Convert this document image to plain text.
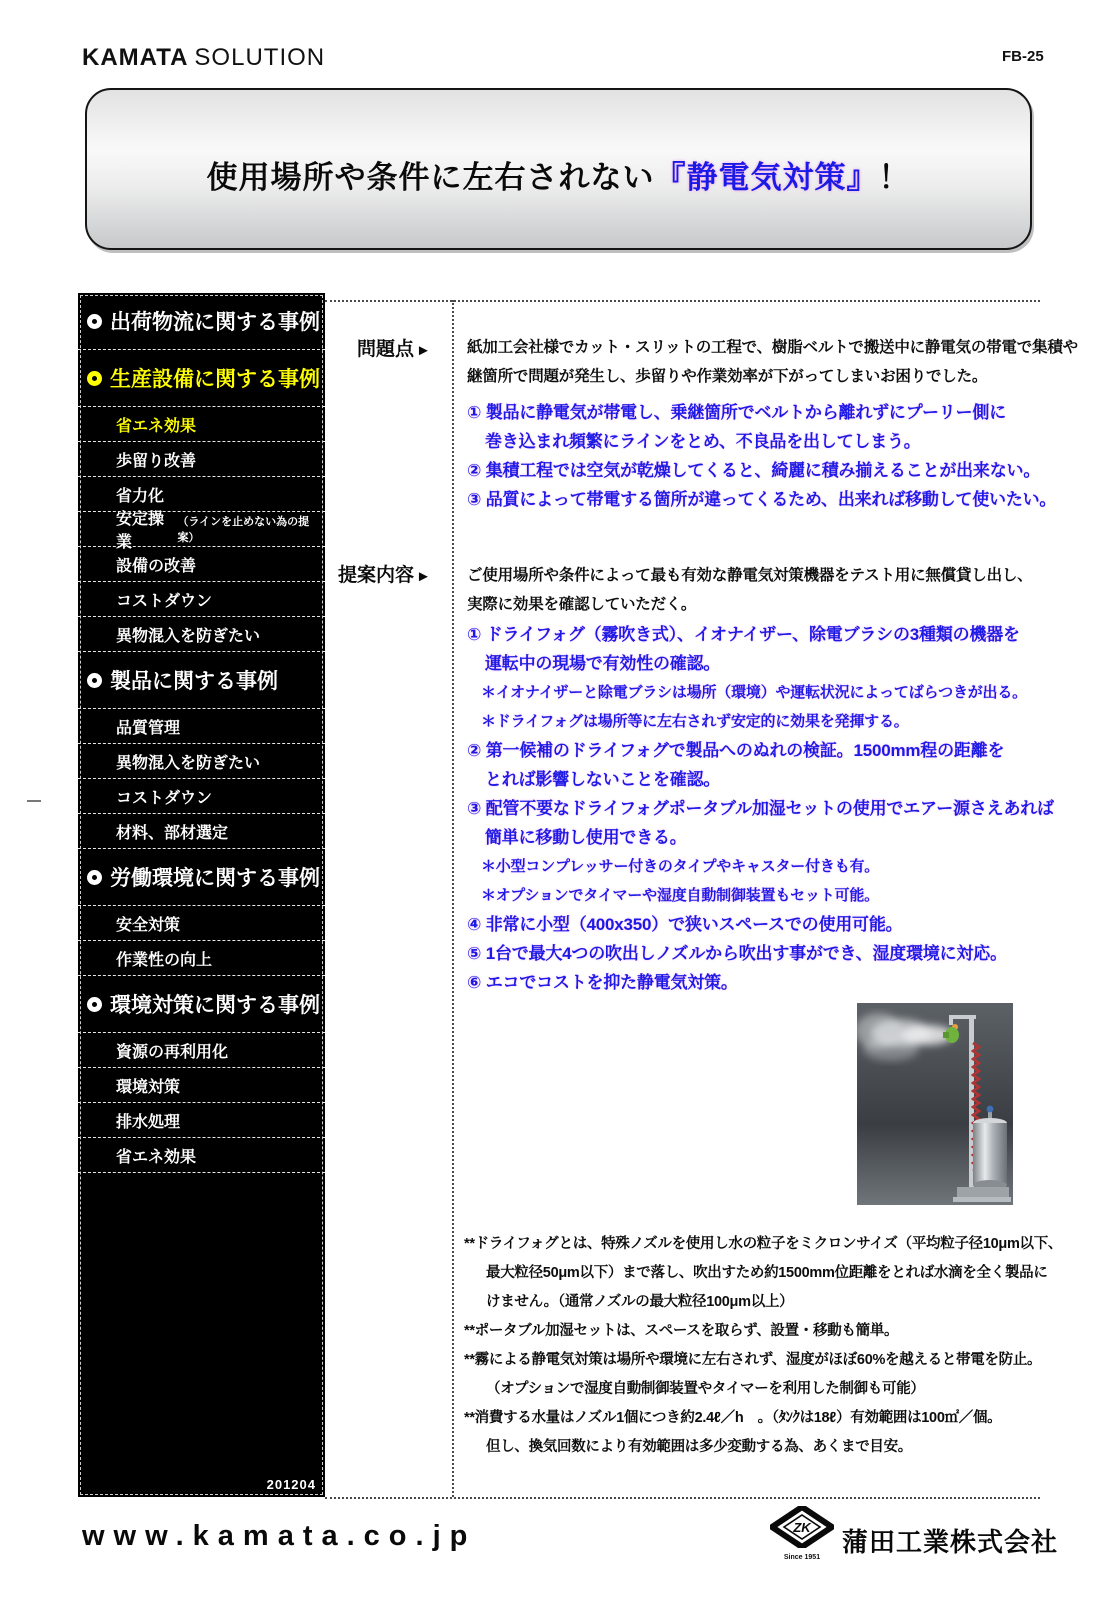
KAMATA SOLUTION	FB-25
使用場所や条件に左右されない『静電気対策』！
出荷物流に関する事例
生産設備に関する事例
省エネ効果
歩留り改善
省力化
安定操業
（ラインを止めない為の提案）
設備の改善
コストダウン
異物混入を防ぎたい
製品に関する事例
品質管理
異物混入を防ぎたい
コストダウン
材料、部材選定
労働環境に関する事例
安全対策
作業性の向上
環境対策に関する事例
資源の再利用化
環境対策
排水処理
省エネ効果
201204
問題点 ► 紙加工会社様でカット・スリットの工程で、樹脂ベルトで搬送中に静電気の帯電で集積や

継箇所で問題が発生し、歩留りや作業効率が下がってしまいお困りでした。

① 製品に静電気が帯電し、乗継箇所でベルトから離れずにプーリー側に

巻き込まれ頻繁にラインをとめ、不良品を出してしまう。

② 集積工程では空気が乾燥してくると、綺麗に積み揃えることが出来ない。

③ 品質によって帯電する箇所が違ってくるため、出来れば移動して使いたい。

提案内容 ► ご使用場所や条件によって最も有効な静電気対策機器をテスト用に無償貸し出し、

実際に効果を確認していただく。

① ドライフォグ（霧吹き式）、イオナイザー、除電ブラシの3種類の機器を

運転中の現場で有効性の確認。

＊イオナイザーと除電ブラシは場所（環境）や運転状況によってばらつきが出る。

＊ドライフォグは場所等に左右されず安定的に効果を発揮する。

② 第一候補のドライフォグで製品へのぬれの検証。1500mm程の距離を

とれば影響しないことを確認。

③ 配管不要なドライフォグポータブル加湿セットの使用でエアー源さえあれば

簡単に移動し使用できる。

＊小型コンプレッサー付きのタイプやキャスター付きも有。

＊オプションでタイマーや湿度自動制御装置もセット可能。

④ 非常に小型（400x350）で狭いスペースでの使用可能。

⑤ 1台で最大4つの吹出しノズルから吹出す事ができ、湿度環境に対応。

⑥ エコでコストを抑た静電気対策。

**ドライフォグとは、特殊ノズルを使用し水の粒子をミクロンサイズ（平均粒子径10μm以下、

最大粒径50μm以下）まで落し、吹出すため約1500mm位距離をとれば水滴を全く製品に

けません。（通常ノズルの最大粒径100μm以上）

**ポータブル加湿セットは、スペースを取らず、設置・移動も簡単。

**霧による静電気対策は場所や環境に左右されず、湿度がほぼ60%を越えると帯電を防止。

（オプションで湿度自動制御装置やタイマーを利用した制御も可能）

**消費する水量はノズル1個につき約2.4ℓ／h　。（ﾀﾝｸは18ℓ）有効範囲は100㎡／個。

但し、換気回数により有効範囲は多少変動する為、あくまで目安。

www.kamata.co.jp	ZK
Since 1951
蒲田工業株式会社
